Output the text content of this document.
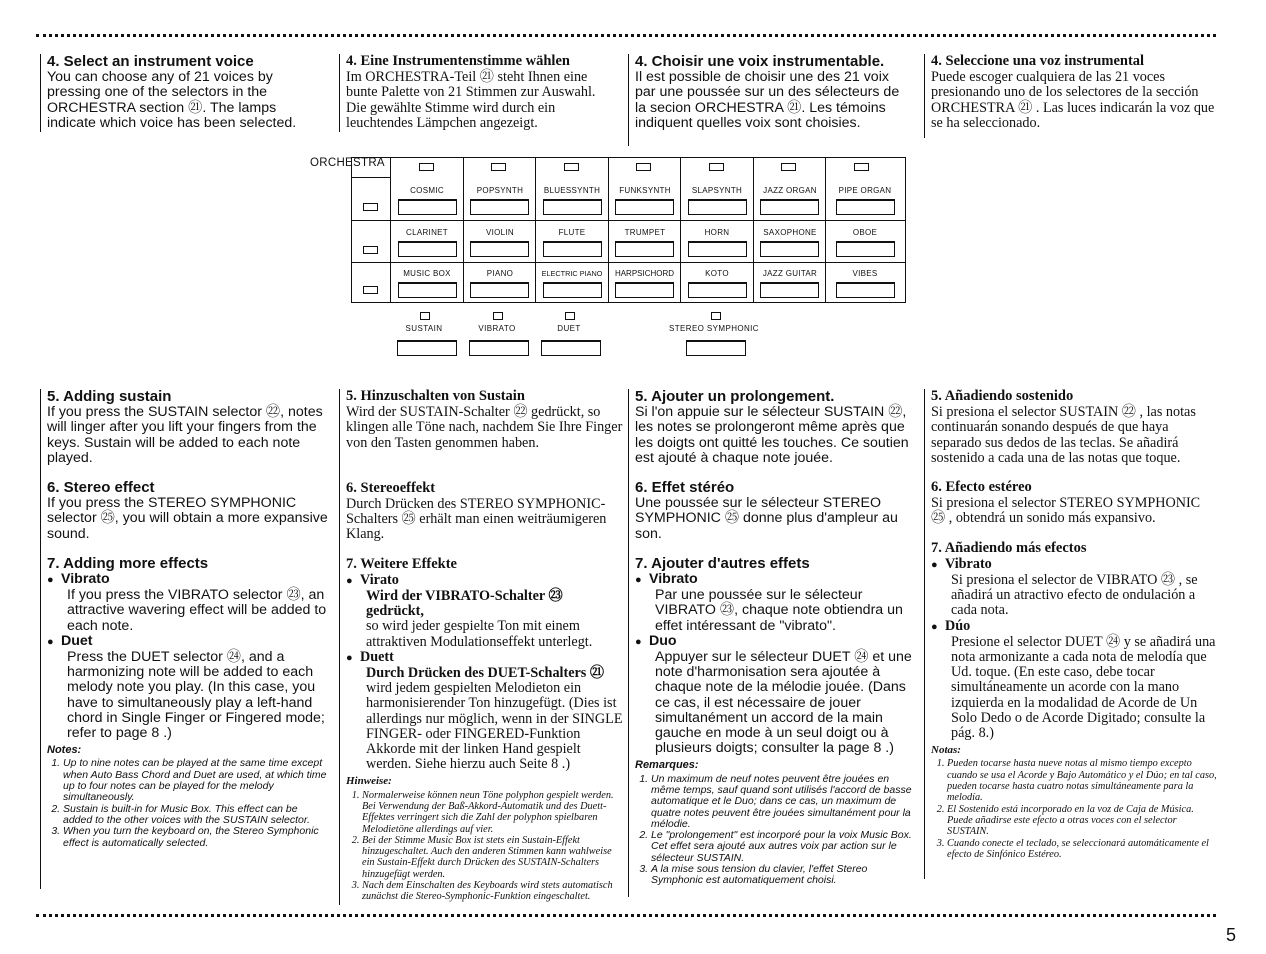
4. Select an instrument voice

You can choose any of 21 voices by pressing one of the selectors in the ORCHESTRA section ㉑. The lamps indicate which voice has been selected.

4. Eine Instrumentenstimme wählen

Im ORCHESTRA-Teil ㉑ steht Ihnen eine bunte Palette von 21 Stimmen zur Auswahl. Die gewählte Stimme wird durch ein leuchtendes Lämpchen angezeigt.

4. Choisir une voix instrumentable.

Il est possible de choisir une des 21 voix par une poussée sur un des sélecteurs de la secion ORCHESTRA ㉑. Les témoins indiquent quelles voix sont choisies.

4. Seleccione una voz instrumental

Puede escoger cualquiera de las 21 voces presionando uno de los selectores de la sección ORCHESTRA ㉑ . Las luces indicarán la voz que se ha seleccionado.

ORCHESTRA
COSMIC	POPSYNTH	BLUESSYNTH	FUNKSYNTH	SLAPSYNTH	JAZZ ORGAN	PIPE ORGAN
CLARINET	VIOLIN	FLUTE	TRUMPET	HORN	SAXOPHONE	OBOE
MUSIC BOX	PIANO	ELECTRIC PIANO	HARPSICHORD	KOTO	JAZZ GUITAR	VIBES
SUSTAIN	VIBRATO	DUET	STEREO SYMPHONIC
5. Adding sustain

If you press the SUSTAIN selector ㉒, notes will linger after you lift your fingers from the keys. Sustain will be added to each note played.

6. Stereo effect

If you press the STEREO SYMPHONIC selector ㉕, you will obtain a more expansive sound.

7. Adding more effects
● Vibrato
If you press the VIBRATO selector ㉓, an attractive wavering effect will be added to each note.
● Duet
Press the DUET selector ㉔, and a harmonizing note will be added to each melody note you play. (In this case, you have to simultaneously play a left-hand chord in Single Finger or Fingered mode; refer to page 8 .)
Notes:
1. Up to nine notes can be played at the same time except when Auto Bass Chord and Duet are used, at which time up to four notes can be played for the melody simultaneously.
2. Sustain is built-in for Music Box. This effect can be added to the other voices with the SUSTAIN selector.
3. When you turn the keyboard on, the Stereo Symphonic effect is automatically selected.
5. Hinzuschalten von Sustain

Wird der SUSTAIN-Schalter ㉒ gedrückt, so klingen alle Töne nach, nachdem Sie Ihre Finger von den Tasten genommen haben.

6. Stereoeffekt

Durch Drücken des STEREO SYMPHONIC-Schalters ㉕ erhält man einen weiträumigeren Klang.

7. Weitere Effekte
● Virato
Wird der VIBRATO-Schalter ㉓ gedrückt,
so wird jeder gespielte Ton mit einem attraktiven Modulationseffekt unterlegt.
● Duett
Durch Drücken des DUET-Schalters ㉑
wird jedem gespielten Melodieton ein harmonisierender Ton hinzugefügt. (Dies ist allerdings nur möglich, wenn in der SINGLE FINGER- oder FINGERED-Funktion Akkorde mit der linken Hand gespielt werden. Siehe hierzu auch Seite 8 .)
Hinweise:
1. Normalerweise können neun Töne polyphon gespielt werden. Bei Verwendung der Baß-Akkord-Automatik und des Duett-Effektes verringert sich die Zahl der polyphon spielbaren Melodietöne allerdings auf vier.
2. Bei der Stimme Music Box ist stets ein Sustain-Effekt hinzugeschaltet. Auch den anderen Stimmen kann wahlweise ein Sustain-Effekt durch Drücken des SUSTAIN-Schalters hinzugefügt werden.
3. Nach dem Einschalten des Keyboards wird stets automatisch zunächst die Stereo-Symphonic-Funktion eingeschaltet.
5. Ajouter un prolongement.

Si l'on appuie sur le sélecteur SUSTAIN ㉒, les notes se prolongeront même après que les doigts ont quitté les touches. Ce soutien est ajouté à chaque note jouée.

6. Effet stéréo

Une poussée sur le sélecteur STEREO SYMPHONIC ㉕ donne plus d'ampleur au son.

7. Ajouter d'autres effets
● Vibrato
Par une poussée sur le sélecteur VIBRATO ㉓, chaque note obtiendra un effet intéressant de "vibrato".
● Duo
Appuyer sur le sélecteur DUET ㉔ et une note d'harmonisation sera ajoutée à chaque note de la mélodie jouée. (Dans ce cas, il est nécessaire de jouer simultanément un accord de la main gauche en mode à un seul doigt ou à plusieurs doigts; consulter la page 8 .)
Remarques:
1. Un maximum de neuf notes peuvent être jouées en même temps, sauf quand sont utilisés l'accord de basse automatique et le Duo; dans ce cas, un maximum de quatre notes peuvent être jouées simultanément pour la mélodie.
2. Le "prolongement" est incorporé pour la voix Music Box. Cet effet sera ajouté aux autres voix par action sur le sélecteur SUSTAIN.
3. A la mise sous tension du clavier, l'effet Stereo Symphonic est automatiquement choisi.
5. Añadiendo sostenido

Si presiona el selector SUSTAIN ㉒ , las notas continuarán sonando después de que haya separado sus dedos de las teclas. Se añadirá sostenido a cada una de las notas que toque.

6. Efecto estéreo

Si presiona el selector STEREO SYMPHONIC ㉕ , obtendrá un sonido más expansivo.

7. Añadiendo más efectos
● Vibrato
Si presiona el selector de VIBRATO ㉓ , se añadirá un atractivo efecto de ondulación a cada nota.
● Dúo
Presione el selector DUET ㉔ y se añadirá una nota armonizante a cada nota de melodía que Ud. toque. (En este caso, debe tocar simultáneamente un acorde con la mano izquierda en la modalidad de Acorde de Un Solo Dedo o de Acorde Digitado; consulte la pág. 8.)
Notas:
1. Pueden tocarse hasta nueve notas al mismo tiempo excepto cuando se usa el Acorde y Bajo Automático y el Dúo; en tal caso, pueden tocarse hasta cuatro notas simultáneamente para la melodía.
2. El Sostenido está incorporado en la voz de Caja de Música. Puede añadirse este efecto a otras voces con el selector SUSTAIN.
3. Cuando conecte el teclado, se seleccionará automáticamente el efecto de Sinfónico Estéreo.
5
